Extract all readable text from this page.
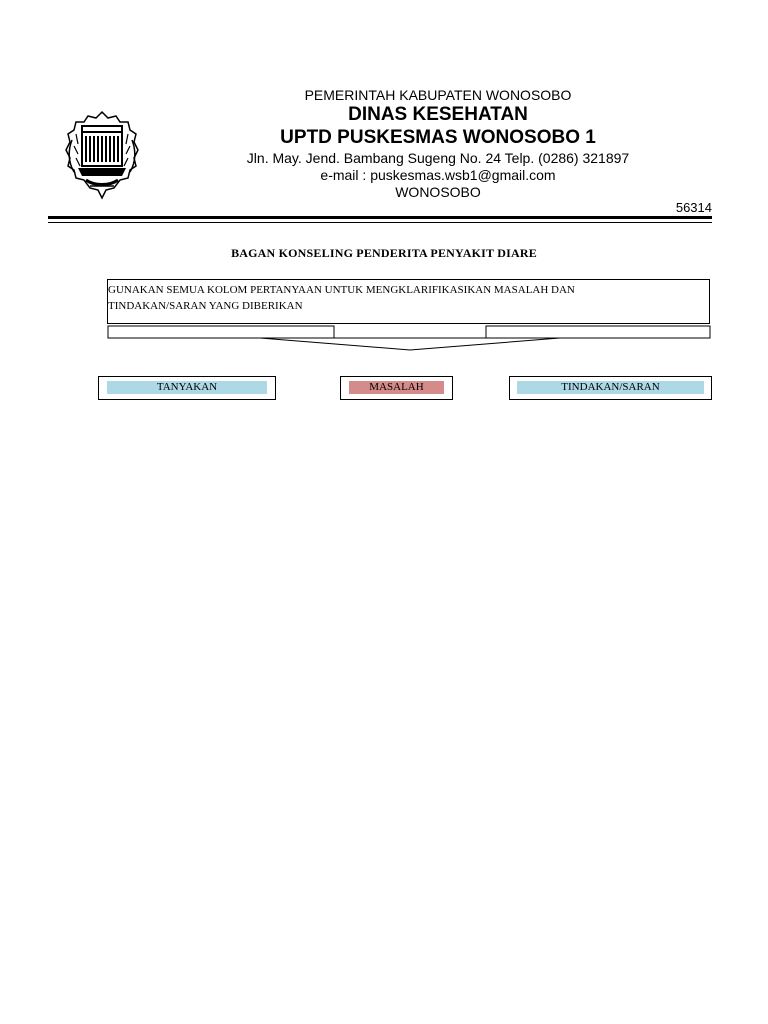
PEMERINTAH KABUPATEN WONOSOBO
DINAS KESEHATAN
UPTD PUSKESMAS WONOSOBO 1
Jln. May. Jend. Bambang Sugeng No. 24 Telp. (0286) 321897
e-mail : puskesmas.wsb1@gmail.com
WONOSOBO
56314
BAGAN KONSELING PENDERITA PENYAKIT DIARE
GUNAKAN SEMUA KOLOM PERTANYAAN UNTUK MENGKLARIFIKASIKAN MASALAH DAN
TINDAKAN/SARAN YANG DIBERIKAN
TANYAKAN	MASALAH	TINDAKAN/SARAN
